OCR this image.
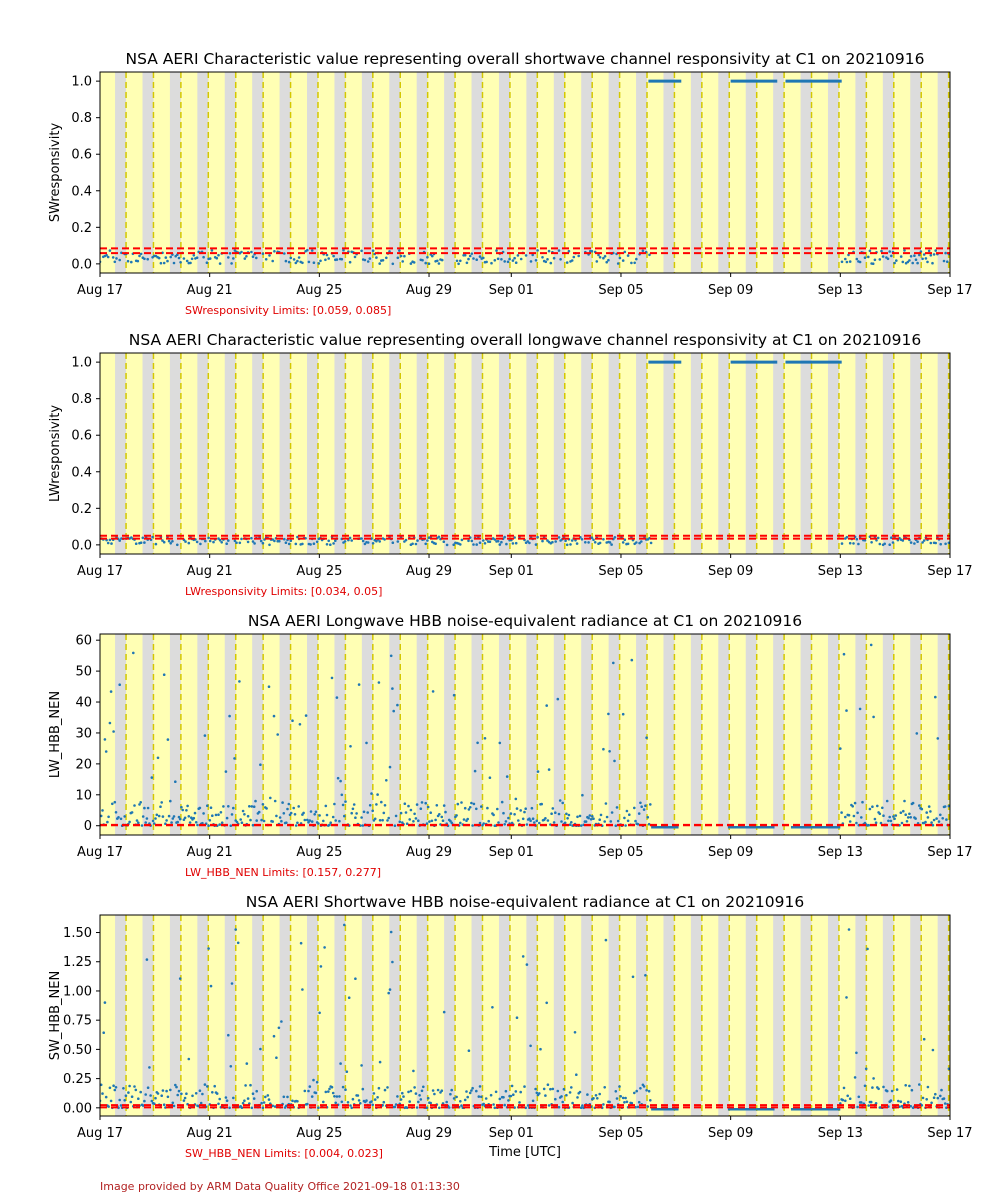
0.0
0.2
0.4
0.6
0.8
1.0
Aug 17	Aug 21	Aug 25	Aug 29	Sep 01	Sep 05	Sep 09	Sep 13	Sep 17
NSA AERI Characteristic value representing overall shortwave channel responsivity at C1 on 20210916
SWresponsivity
SWresponsivity Limits: [0.059, 0.085]
0.0
0.2
0.4
0.6
0.8
1.0
Aug 17	Aug 21	Aug 25	Aug 29	Sep 01	Sep 05	Sep 09	Sep 13	Sep 17
NSA AERI Characteristic value representing overall longwave channel responsivity at C1 on 20210916
LWresponsivity
LWresponsivity Limits: [0.034, 0.05]
0
10
20
30
40
50
60
Aug 17	Aug 21	Aug 25	Aug 29	Sep 01	Sep 05	Sep 09	Sep 13	Sep 17
NSA AERI Longwave HBB noise-equivalent radiance at C1 on 20210916
LW_HBB_NEN
LW_HBB_NEN Limits: [0.157, 0.277]
0.00
0.25
0.50
0.75
1.00
1.25
1.50
Aug 17	Aug 21	Aug 25	Aug 29	Sep 01	Sep 05	Sep 09	Sep 13	Sep 17
NSA AERI Shortwave HBB noise-equivalent radiance at C1 on 20210916
SW_HBB_NEN
SW_HBB_NEN Limits: [0.004, 0.023]	Time [UTC]
Image provided by ARM Data Quality Office 2021-09-18 01:13:30
